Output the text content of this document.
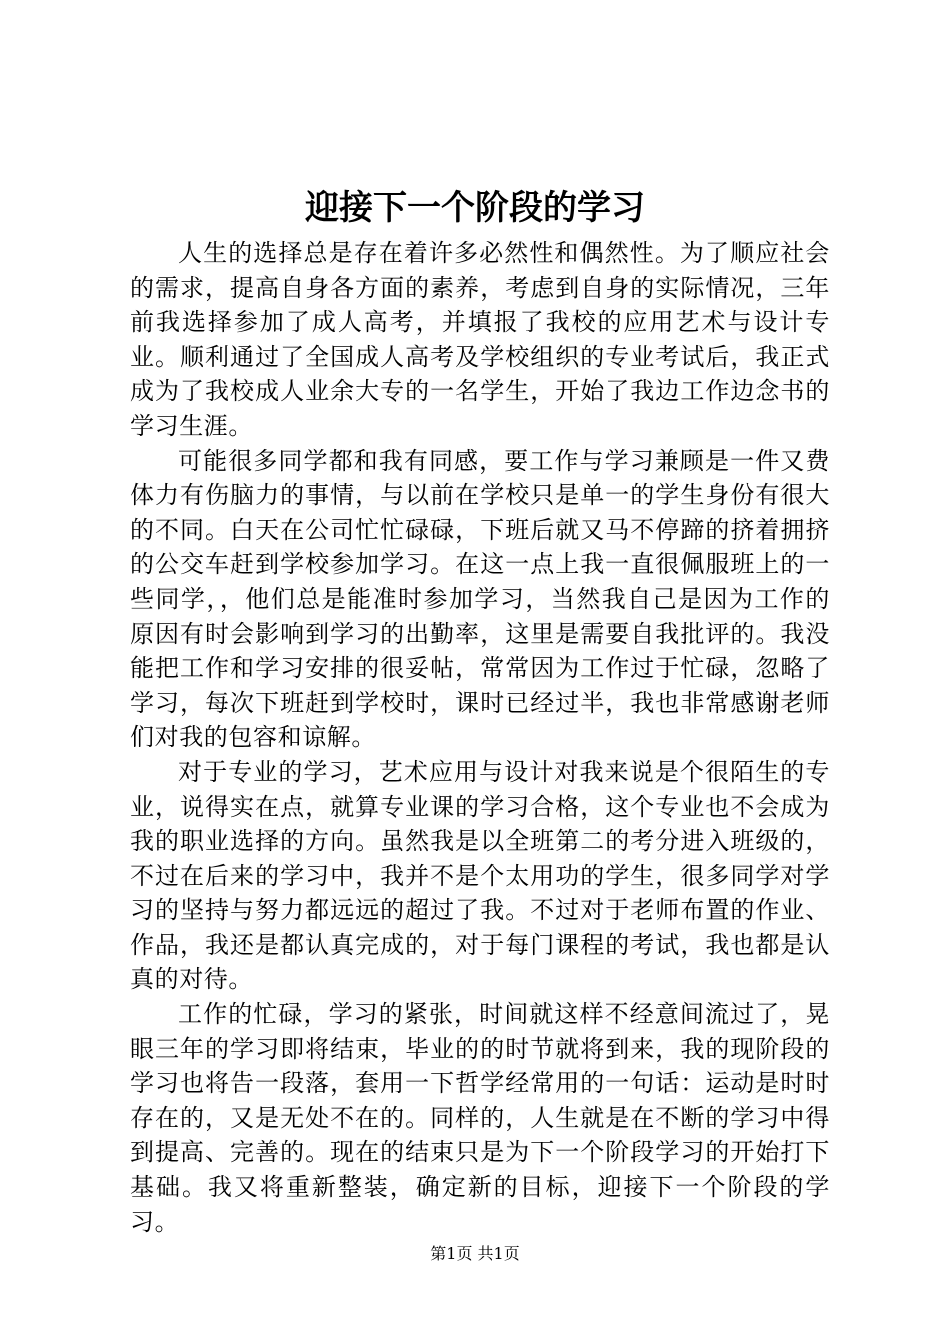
迎接下一个阶段的学习

人生的选择总是存在着许多必然性和偶然性。为了顺应社会的需求，提高自身各方面的素养，考虑到自身的实际情况，三年前我选择参加了成人高考，并填报了我校的应用艺术与设计专业。顺利通过了全国成人高考及学校组织的专业考试后，我正式成为了我校成人业余大专的一名学生，开始了我边工作边念书的学习生涯。

可能很多同学都和我有同感，要工作与学习兼顾是一件又费体力有伤脑力的事情，与以前在学校只是单一的学生身份有很大的不同。白天在公司忙忙碌碌，下班后就又马不停蹄的挤着拥挤的公交车赶到学校参加学习。在这一点上我一直很佩服班上的一些同学，，他们总是能准时参加学习，当然我自己是因为工作的原因有时会影响到学习的出勤率，这里是需要自我批评的。我没能把工作和学习安排的很妥帖，常常因为工作过于忙碌，忽略了学习，每次下班赶到学校时，课时已经过半，我也非常感谢老师们对我的包容和谅解。

对于专业的学习，艺术应用与设计对我来说是个很陌生的专业，说得实在点，就算专业课的学习合格，这个专业也不会成为我的职业选择的方向。虽然我是以全班第二的考分进入班级的，不过在后来的学习中，我并不是个太用功的学生，很多同学对学习的坚持与努力都远远的超过了我。不过对于老师布置的作业、作品，我还是都认真完成的，对于每门课程的考试，我也都是认真的对待。

工作的忙碌，学习的紧张，时间就这样不经意间流过了，晃眼三年的学习即将结束，毕业的的时节就将到来，我的现阶段的学习也将告一段落，套用一下哲学经常用的一句话：运动是时时存在的，又是无处不在的。同样的，人生就是在不断的学习中得到提高、完善的。现在的结束只是为下一个阶段学习的开始打下基础。我又将重新整装，确定新的目标，迎接下一个阶段的学习。

第1页 共1页
